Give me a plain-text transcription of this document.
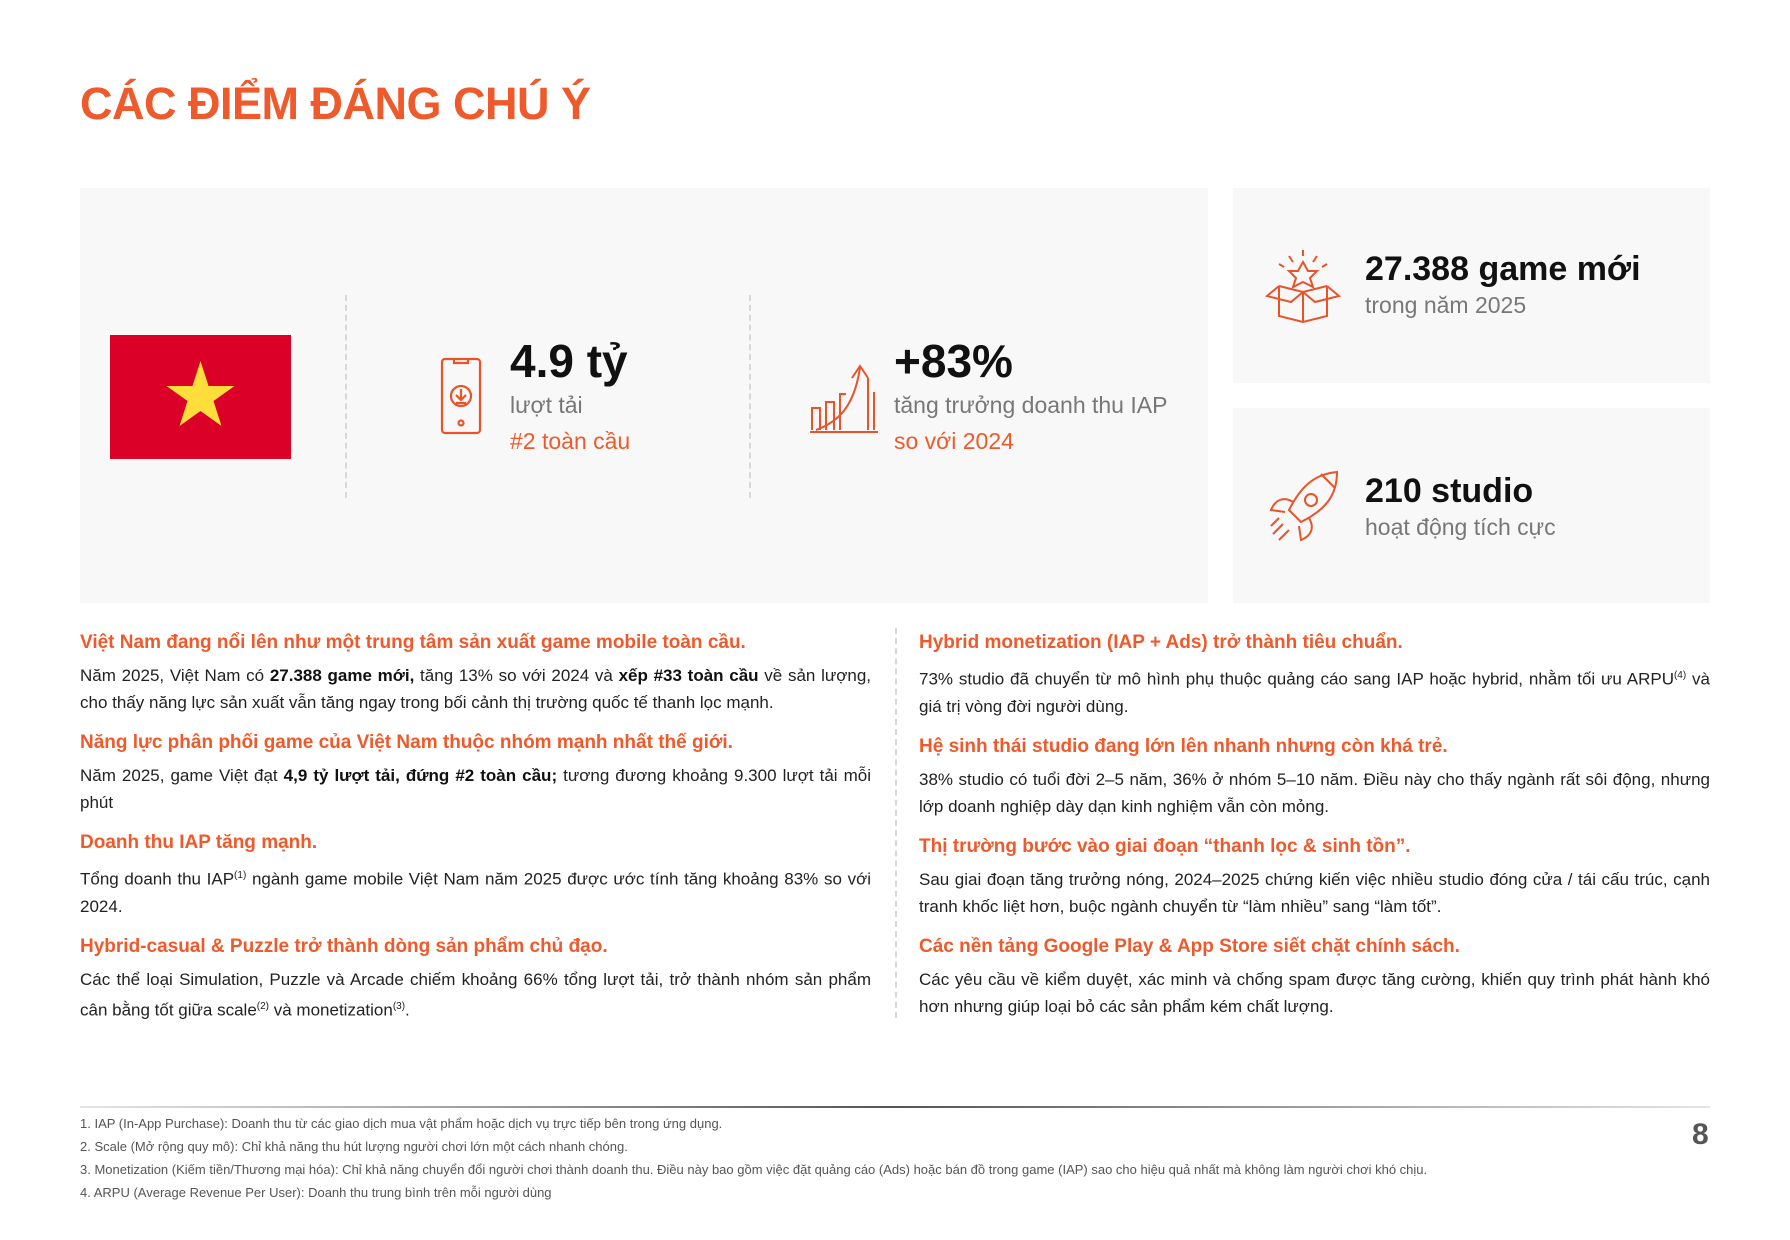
CÁC ĐIỂM ĐÁNG CHÚ Ý
4.9 tỷ
lượt tải
#2 toàn cầu
+83%
tăng trưởng doanh thu IAP
so với 2024
27.388 game mới
trong năm 2025
210 studio
hoạt động tích cực
Việt Nam đang nổi lên như một trung tâm sản xuất game mobile toàn cầu.
Năm 2025, Việt Nam có 27.388 game mới, tăng 13% so với 2024 và xếp #33 toàn cầu về sản lượng, cho thấy năng lực sản xuất vẫn tăng ngay trong bối cảnh thị trường quốc tế thanh lọc mạnh.
Năng lực phân phối game của Việt Nam thuộc nhóm mạnh nhất thế giới.
Năm 2025, game Việt đạt 4,9 tỷ lượt tải, đứng #2 toàn cầu; tương đương khoảng 9.300 lượt tải mỗi phút
Doanh thu IAP tăng mạnh.
Tổng doanh thu IAP$^{(1)}$ ngành game mobile Việt Nam năm 2025 được ước tính tăng khoảng 83% so với 2024.
Hybrid-casual & Puzzle trở thành dòng sản phẩm chủ đạo.
Các thể loại Simulation, Puzzle và Arcade chiếm khoảng 66% tổng lượt tải, trở thành nhóm sản phẩm cân bằng tốt giữa scale$^{(2)}$ và monetization$^{(3)}$.
Hybrid monetization (IAP + Ads) trở thành tiêu chuẩn.
73% studio đã chuyển từ mô hình phụ thuộc quảng cáo sang IAP hoặc hybrid, nhằm tối ưu ARPU$^{(4)}$ và giá trị vòng đời người dùng.
Hệ sinh thái studio đang lớn lên nhanh nhưng còn khá trẻ.
38% studio có tuổi đời 2–5 năm, 36% ở nhóm 5–10 năm. Điều này cho thấy ngành rất sôi động, nhưng lớp doanh nghiệp dày dạn kinh nghiệm vẫn còn mỏng.
Thị trường bước vào giai đoạn “thanh lọc & sinh tồn”.
Sau giai đoạn tăng trưởng nóng, 2024–2025 chứng kiến việc nhiều studio đóng cửa / tái cấu trúc, cạnh tranh khốc liệt hơn, buộc ngành chuyển từ “làm nhiều” sang “làm tốt”.
Các nền tảng Google Play & App Store siết chặt chính sách.
Các yêu cầu về kiểm duyệt, xác minh và chống spam được tăng cường, khiến quy trình phát hành khó hơn nhưng giúp loại bỏ các sản phẩm kém chất lượng.
1. IAP (In-App Purchase): Doanh thu từ các giao dịch mua vật phẩm hoặc dịch vụ trực tiếp bên trong ứng dụng.
2. Scale (Mở rộng quy mô): Chỉ khả năng thu hút lượng người chơi lớn một cách nhanh chóng.
3. Monetization (Kiếm tiền/Thương mại hóa): Chỉ khả năng chuyển đổi người chơi thành doanh thu. Điều này bao gồm việc đặt quảng cáo (Ads) hoặc bán đồ trong game (IAP) sao cho hiệu quả nhất mà không làm người chơi khó chịu.
4. ARPU (Average Revenue Per User): Doanh thu trung bình trên mỗi người dùng
8
